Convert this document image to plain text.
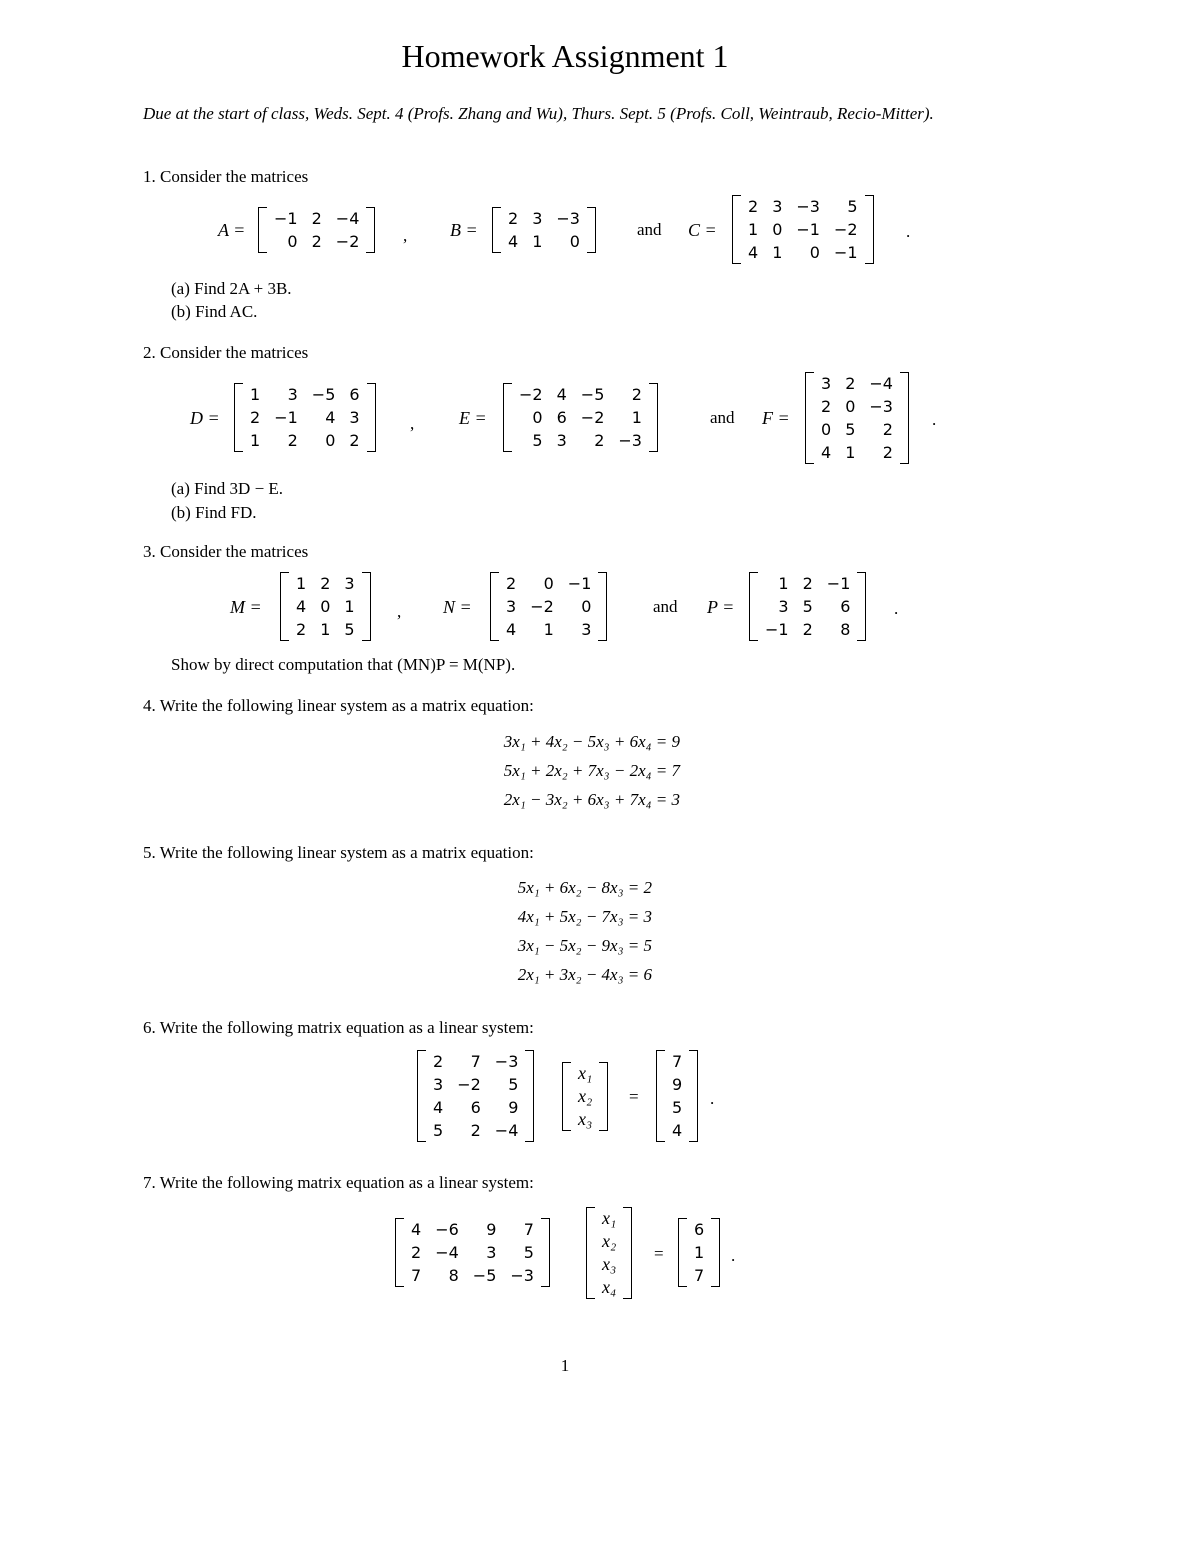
Homework Assignment 1
Due at the start of class, Weds. Sept. 4 (Profs. Zhang and Wu), Thurs. Sept. 5 (Profs. Coll, Weintraub, Recio-Mitter).
1. Consider the matrices
A =
−1	2	−4
0	2	−2	, B =
2	3	−3
4	1	0
and C =
2	3	−3	5
1	0	−1	−2
4	1	0	−1
.
(a) Find 2A + 3B.
(b) Find AC.
2. Consider the matrices
D =
1	3	−5	6
2	−1	4	3
1	2	0	2
, E =
−2	4	−5	2
0	6	−2	1
5	3	2	−3
and F =
3	2	−4
2	0	−3
0	5	2
4	1	2
.
(a) Find 3D − E.
(b) Find FD.
3. Consider the matrices
M =
1	2	3
4	0	1
2	1	5
, N =
2	0	−1
3	−2	0
4	1	3
and P =
1	2	−1
3	5	6
−1	2	8
.
Show by direct computation that (MN)P = M(NP).
4. Write the following linear system as a matrix equation:
3x₁ + 4x₂ − 5x₃ + 6x₄ = 9
5x₁ + 2x₂ + 7x₃ − 2x₄ = 7
2x₁ − 3x₂ + 6x₃ + 7x₄ = 3
5. Write the following linear system as a matrix equation:
5x₁ + 6x₂ − 8x₃ = 2
4x₁ + 5x₂ − 7x₃ = 3
3x₁ − 5x₂ − 9x₃ = 5
2x₁ + 3x₂ − 4x₃ = 6
6. Write the following matrix equation as a linear system:
2	7	−3
3	−2	5
4	6	9
5	2	−4
x₁
x₂
x₃
=
7
9
5
4
.
7. Write the following matrix equation as a linear system:
4	−6	9	7
2	−4	3	5
7	8	−5	−3
x₁
x₂
x₃
x₄
=
6
1
7
.
1
